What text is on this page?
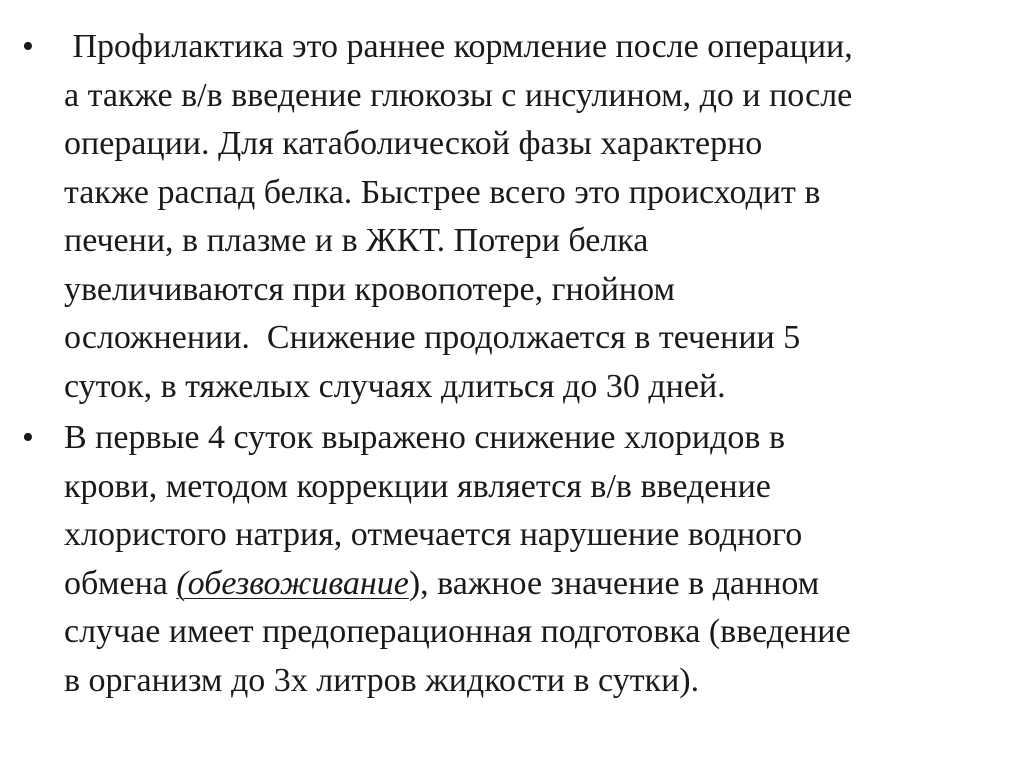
• Профилактика это раннее кормление после операции,
а также в/в введение глюкозы с инсулином, до и после
операции. Для катаболической фазы характерно
также распад белка. Быстрее всего это происходит в
печени, в плазме и в ЖКТ. Потери белка
увеличиваются при кровопотере, гнойном
осложнении.  Снижение продолжается в течении 5
суток, в тяжелых случаях длиться до 30 дней.
• В первые 4 суток выражено снижение хлоридов в
крови, методом коррекции является в/в введение
хлористого натрия, отмечается нарушение водного
обмена (обезвоживание), важное значение в данном
случае имеет предоперационная подготовка (введение
в организм до 3х литров жидкости в сутки).
